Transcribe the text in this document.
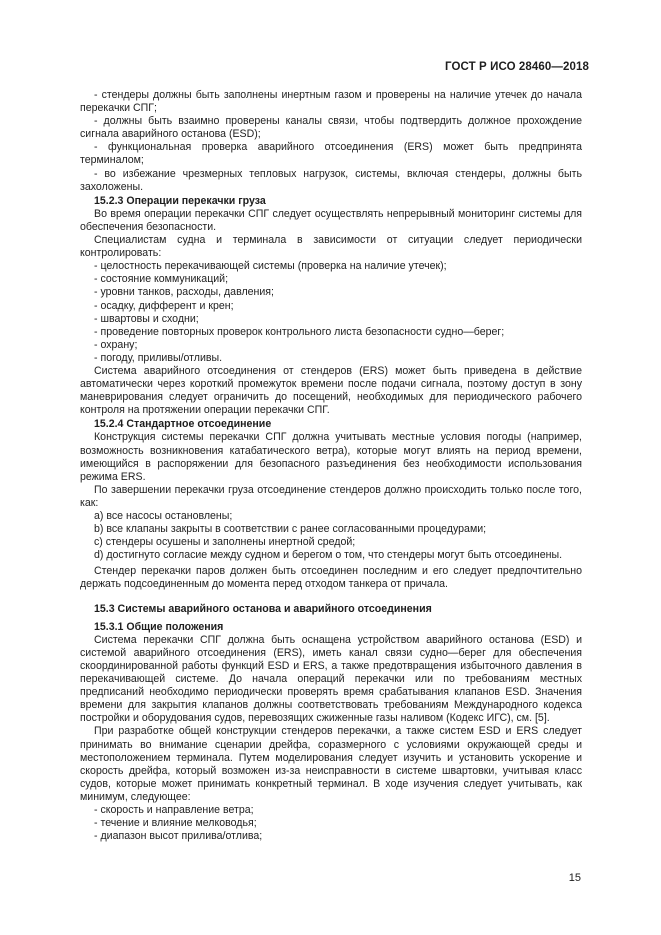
ГОСТ Р ИСО 28460—2018

- стендеры должны быть заполнены инертным газом и проверены на наличие утечек до начала перекачки СПГ;

- должны быть взаимно проверены каналы связи, чтобы подтвердить должное прохождение сигнала аварийного останова (ESD);

- функциональная проверка аварийного отсоединения (ERS) может быть предпринята терминалом;

- во избежание чрезмерных тепловых нагрузок, системы, включая стендеры, должны быть захоложены.

15.2.3 Операции перекачки груза

Во время операции перекачки СПГ следует осуществлять непрерывный мониторинг системы для обеспечения безопасности.

Специалистам судна и терминала в зависимости от ситуации следует периодически контролировать:

- целостность перекачивающей системы (проверка на наличие утечек);

- состояние коммуникаций;

- уровни танков, расходы, давления;

- осадку, дифферент и крен;

- швартовы и сходни;

- проведение повторных проверок контрольного листа безопасности судно—берег;

- охрану;

- погоду, приливы/отливы.

Система аварийного отсоединения от стендеров (ERS) может быть приведена в действие автоматически через короткий промежуток времени после подачи сигнала, поэтому доступ в зону маневрирования следует ограничить до посещений, необходимых для периодического рабочего контроля на протяжении операции перекачки СПГ.

15.2.4 Стандартное отсоединение

Конструкция системы перекачки СПГ должна учитывать местные условия погоды (например, возможность возникновения катабатического ветра), которые могут влиять на период времени, имеющийся в распоряжении для безопасного разъединения без необходимости использования режима ERS.

По завершении перекачки груза отсоединение стендеров должно происходить только после того, как:

a) все насосы остановлены;

b) все клапаны закрыты в соответствии с ранее согласованными процедурами;

c) стендеры осушены и заполнены инертной средой;

d) достигнуто согласие между судном и берегом о том, что стендеры могут быть отсоединены.

Стендер перекачки паров должен быть отсоединен последним и его следует предпочтительно держать подсоединенным до момента перед отходом танкера от причала.

15.3 Системы аварийного останова и аварийного отсоединения

15.3.1 Общие положения

Система перекачки СПГ должна быть оснащена устройством аварийного останова (ESD) и системой аварийного отсоединения (ERS), иметь канал связи судно—берег для обеспечения скоординированной работы функций ESD и ERS, а также предотвращения избыточного давления в перекачивающей системе. До начала операций перекачки или по требованиям местных предписаний необходимо периодически проверять время срабатывания клапанов ESD. Значения времени для закрытия клапанов должны соответствовать требованиям Международного кодекса постройки и оборудования судов, перевозящих сжиженные газы наливом (Кодекс ИГС), см. [5].

При разработке общей конструкции стендеров перекачки, а также систем ESD и ERS следует принимать во внимание сценарии дрейфа, соразмерного с условиями окружающей среды и местоположением терминала. Путем моделирования следует изучить и установить ускорение и скорость дрейфа, который возможен из-за неисправности в системе швартовки, учитывая класс судов, которые может принимать конкретный терминал. В ходе изучения следует учитывать, как минимум, следующее:

- скорость и направление ветра;

- течение и влияние мелководья;

- диапазон высот прилива/отлива;

15
